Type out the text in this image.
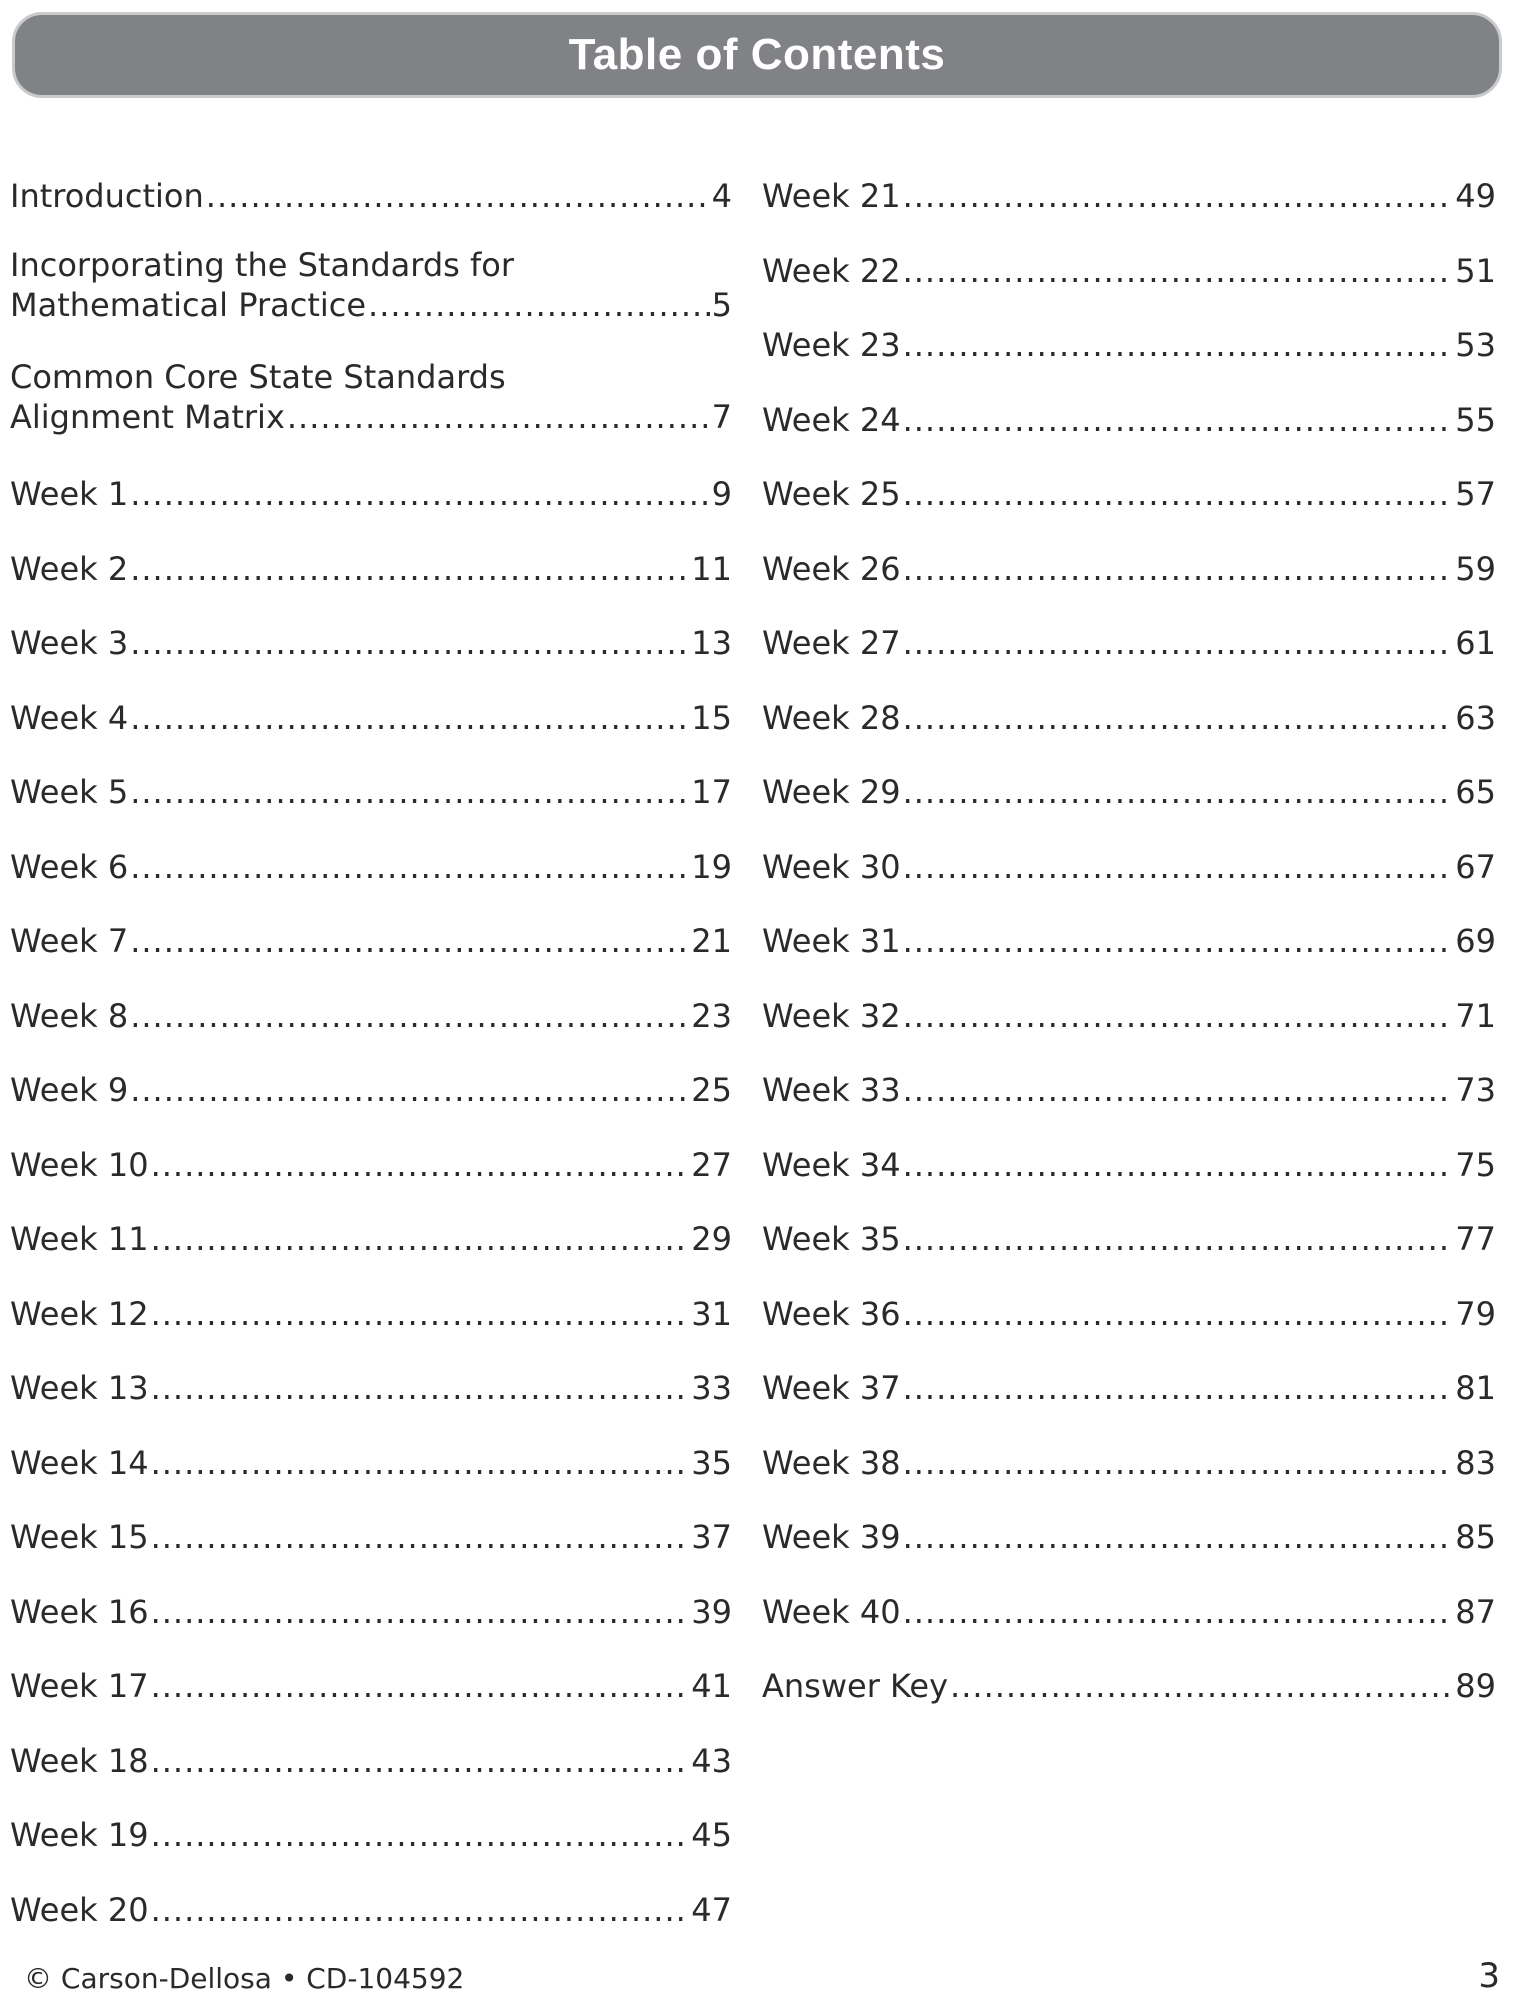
Table of Contents
Introduction .....	4
Incorporating the Standards for
Mathematical Practice .....	5
Common Core State Standards
Alignment Matrix .....	7
Week 1 .....	9
Week 2 .....	11
Week 3 .....	13
Week 4 .....	15
Week 5 .....	17
Week 6 .....	19
Week 7 .....	21
Week 8 .....	23
Week 9 .....	25
Week 10 .....	27
Week 11 .....	29
Week 12 .....	31
Week 13 .....	33
Week 14 .....	35
Week 15 .....	37
Week 16 .....	39
Week 17 .....	41
Week 18 .....	43
Week 19 .....	45
Week 20 .....	47
Week 21 .....	49
Week 22 .....	51
Week 23 .....	53
Week 24 .....	55
Week 25 .....	57
Week 26 .....	59
Week 27 .....	61
Week 28 .....	63
Week 29 .....	65
Week 30 .....	67
Week 31 .....	69
Week 32 .....	71
Week 33 .....	73
Week 34 .....	75
Week 35 .....	77
Week 36 .....	79
Week 37 .....	81
Week 38 .....	83
Week 39 .....	85
Week 40 .....	87
Answer Key .....	89
© Carson-Dellosa • CD-104592	3
